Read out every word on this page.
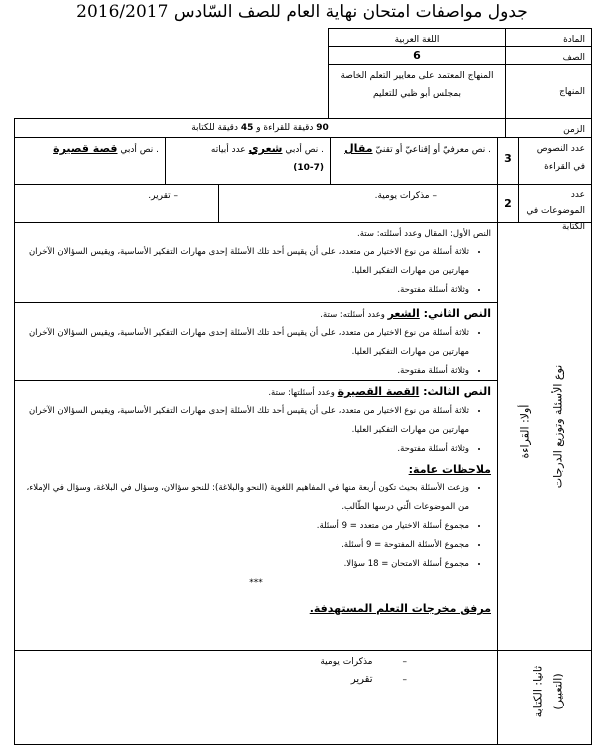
جدول مواصفات امتحان نهاية العام للصف السّادس 2016/2017
المادة
اللغة العربية
الصف
6
المنهاج

المنهاج المعتمد على معايير التعلم الخاصة

بمجلس أبو ظبي للتعليم

الزمن
90 دقيقة للقراءة و 45 دقيقة للكتابة
عدد النصوص في القراءة
3
. نص معرفيّ أو إقناعيّ أو تقنيّ مقال
. نص أدبي شعري عدد أبياته
(10-7)
. نص أدبي قصة قصيرة
عدد الموضوعات في الكتابة
2
– مذكرات يومية.
– تقرير.
نوع الأسئلة وتوزيع الدرجات
أولا: القراءة
ثانيا: الكتابة (التعبير)

النص الأول: المقال وعدد أسئلته: ستة.

• ثلاثة أسئلة من نوع الاختيار من متعدد، على أن يقيس أحد تلك الأسئلة إحدى مهارات التفكير الأساسية، ويقيس السؤالان الآخران مهارتين من مهارات التفكير العليا.
• وثلاثة أسئلة مفتوحة.

النص الثاني: الشعر وعدد أسئلته: ستة.

• ثلاثة أسئلة من نوع الاختيار من متعدد، على أن يقيس أحد تلك الأسئلة إحدى مهارات التفكير الأساسية، ويقيس السؤالان الآخران مهارتين من مهارات التفكير العليا.
• وثلاثة أسئلة مفتوحة.

النص الثالث: القصة القصيرة وعدد أسئلتها: ستة.

• ثلاثة أسئلة من نوع الاختيار من متعدد، على أن يقيس أحد تلك الأسئلة إحدى مهارات التفكير الأساسية، ويقيس السؤالان الآخران مهارتين من مهارات التفكير العليا.
• وثلاثة أسئلة مفتوحة.

ملاحظات عامة:

• وزعت الأسئلة بحيث تكون أربعة منها في المفاهيم اللغوية (النحو والبلاغة): للنحو سؤالان، وسؤال في البلاغة، وسؤال في الإملاء، من الموضوعات الّتي درسها الطّالب.
• مجموع أسئلة الاختيار من متعدد = 9 أسئلة.
• مجموع الأسئلة المفتوحة = 9 أسئلة.
• مجموع أسئلة الامتحان = 18 سؤالا.

***

مرفق مخرجات التعلم المستهدفة.

–مذكرات يومية

–تقرير
